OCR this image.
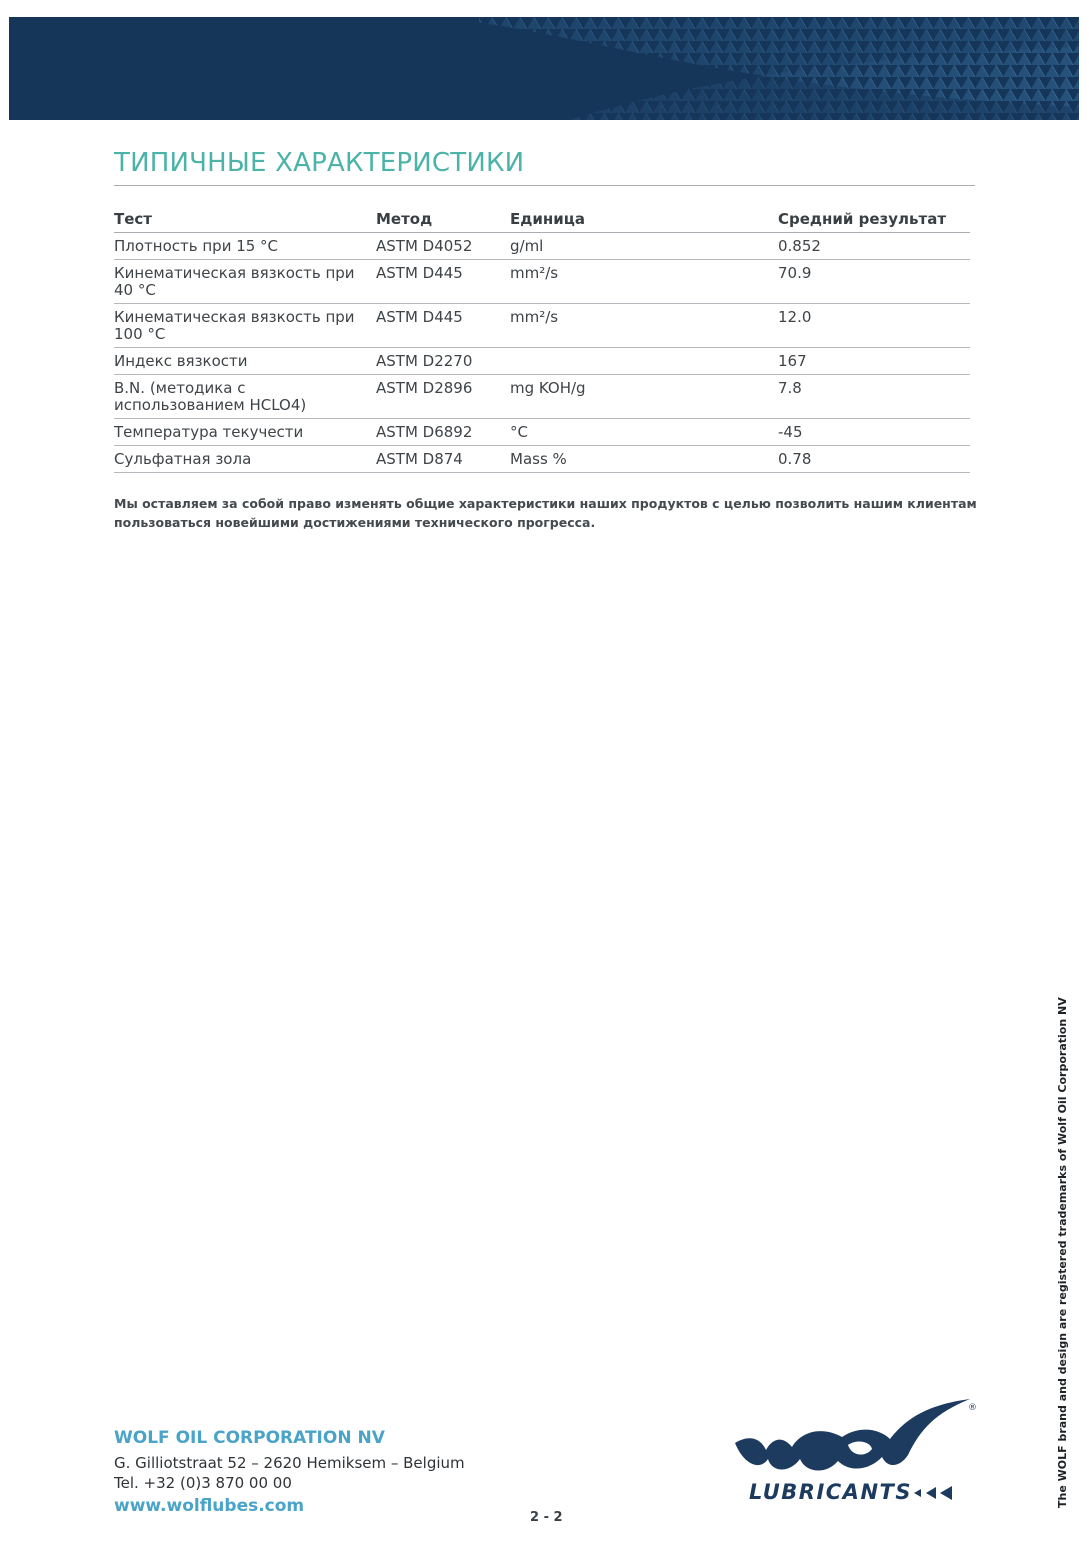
ТИПИЧНЫЕ ХАРАКТЕРИСТИКИ
Тест	Метод	Единица	Средний результат
Плотность при 15 °C	ASTM D4052	g/ml	0.852
Кинематическая вязкость при 40 °C	ASTM D445	mm²/s	70.9
Кинематическая вязкость при 100 °C	ASTM D445	mm²/s	12.0
Индекс вязкости	ASTM D2270		167
B.N. (методика с использованием HCLO4)	ASTM D2896	mg KOH/g	7.8
Температура текучести	ASTM D6892	°C	-45
Сульфатная зола	ASTM D874	Mass %	0.78
Мы оставляем за собой право изменять общие характеристики наших продуктов с целью позволить нашим клиентам пользоваться новейшими достижениями технического прогресса.
WOLF OIL CORPORATION NV
G. Gilliotstraat 52 – 2620 Hemiksem – Belgium
Tel. +32 (0)3 870 00 00
www.wolflubes.com
2 - 2
The WOLF brand and design are registered trademarks of Wolf Oil Corporation NV
LUBRICANTS
®
